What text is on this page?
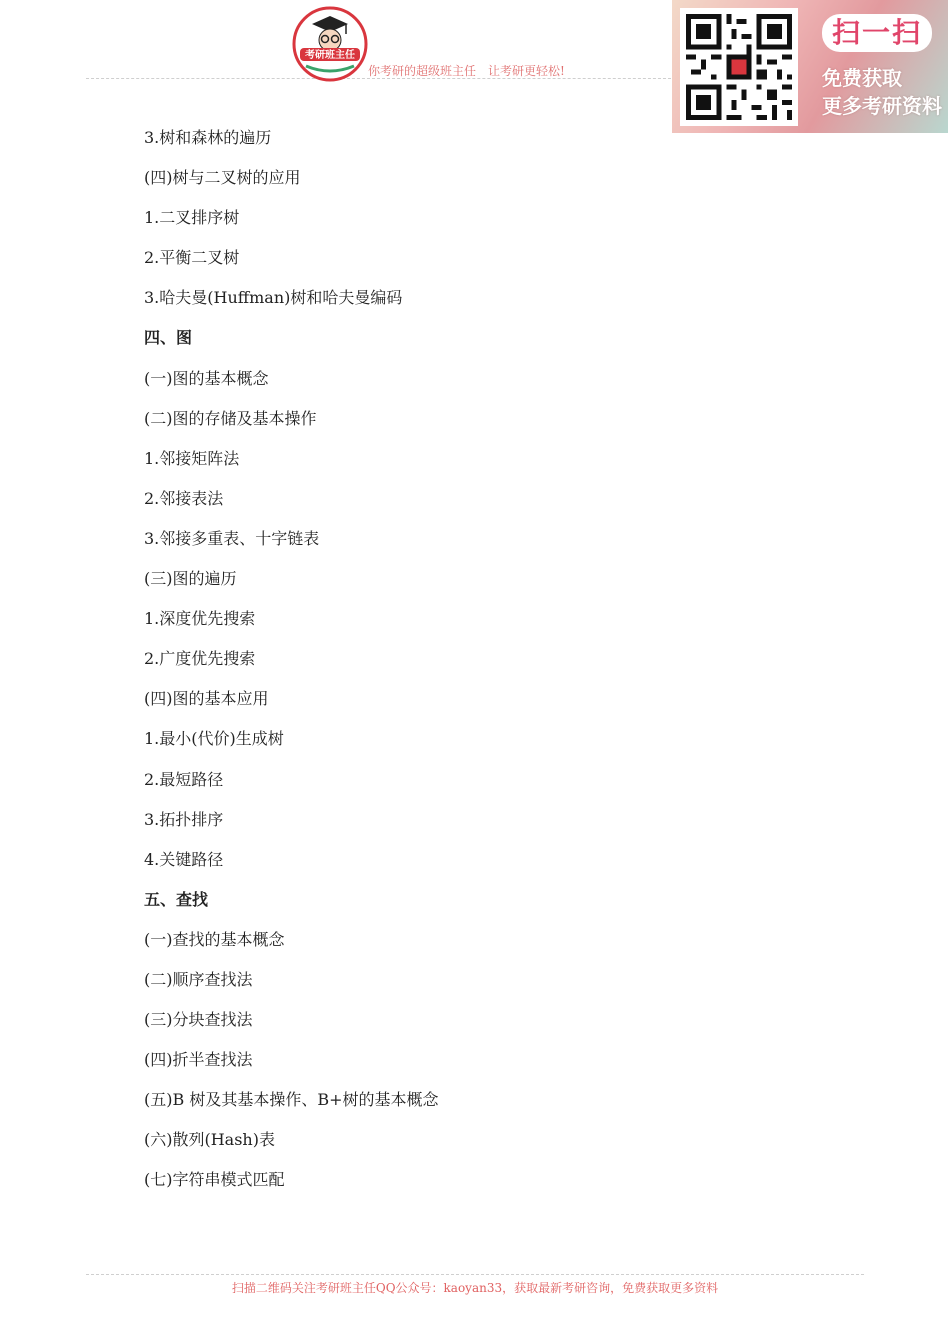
考研班主任
你考研的超级班主任　让考研更轻松!
扫一扫
免费获取
更多考研资料
3.树和森林的遍历
(四)树与二叉树的应用
1.二叉排序树
2.平衡二叉树
3.哈夫曼(Huffman)树和哈夫曼编码
四、图
(一)图的基本概念
(二)图的存储及基本操作
1.邻接矩阵法
2.邻接表法
3.邻接多重表、十字链表
(三)图的遍历
1.深度优先搜索
2.广度优先搜索
(四)图的基本应用
1.最小(代价)生成树
2.最短路径
3.拓扑排序
4.关键路径
五、查找
(一)查找的基本概念
(二)顺序查找法
(三)分块查找法
(四)折半查找法
(五)B 树及其基本操作、B+树的基本概念
(六)散列(Hash)表
(七)字符串模式匹配
扫描二维码关注考研班主任QQ公众号：kaoyan33，获取最新考研咨询，免费获取更多资料
